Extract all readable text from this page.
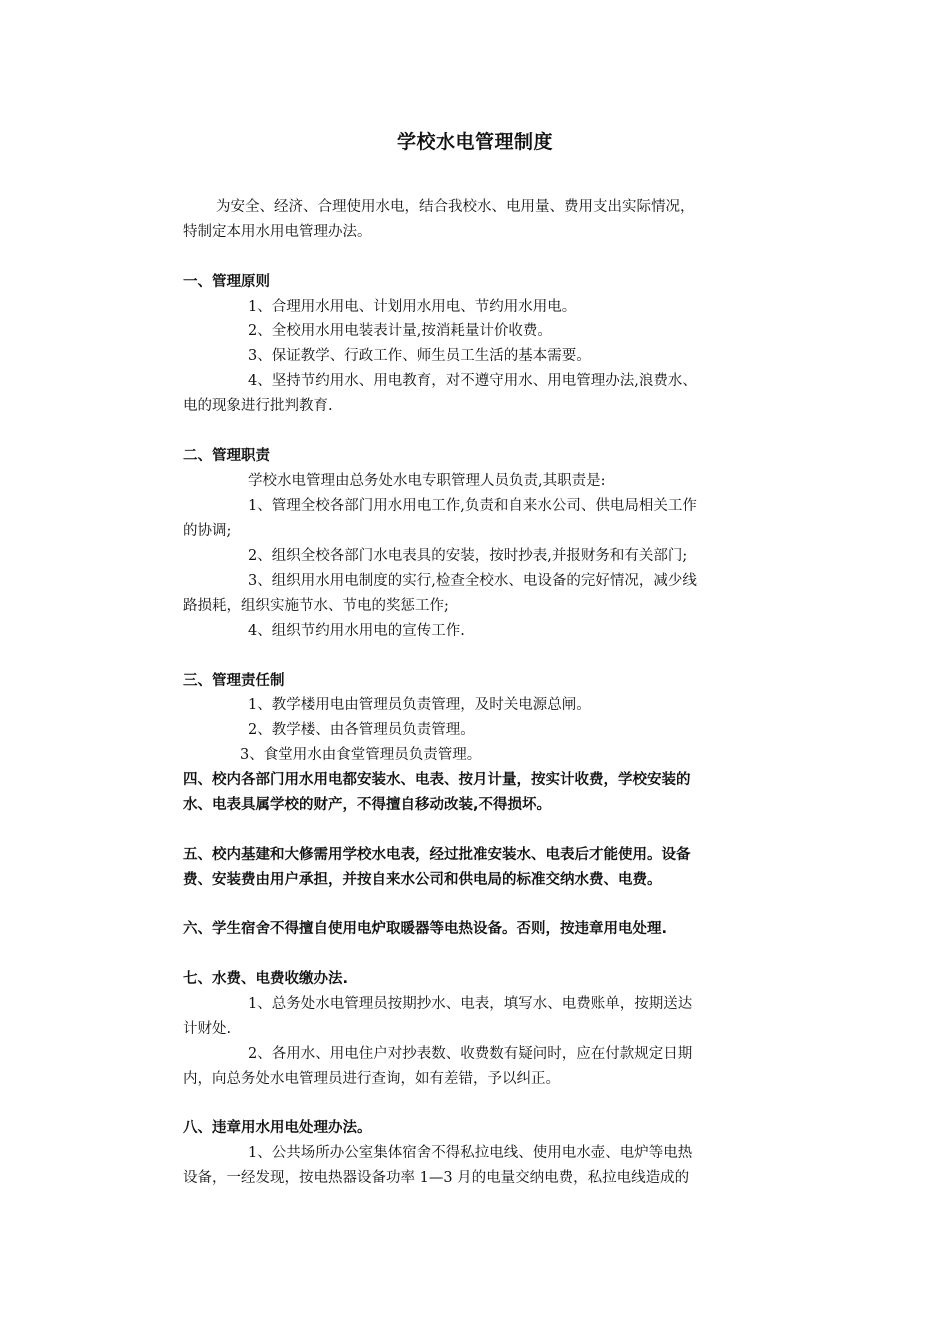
学校水电管理制度
为安全、经济、合理使用水电，结合我校水、电用量、费用支出实际情况，
特制定本用水用电管理办法。
一、管理原则
1、合理用水用电、计划用水用电、节约用水用电。
2、全校用水用电装表计量,按消耗量计价收费。
3、保证教学、行政工作、师生员工生活的基本需要。
4、坚持节约用水、用电教育，对不遵守用水、用电管理办法,浪费水、
电的现象进行批判教育.
二、管理职责
学校水电管理由总务处水电专职管理人员负责,其职责是:
1、管理全校各部门用水用电工作,负责和自来水公司、供电局相关工作
的协调;
2、组织全校各部门水电表具的安装，按时抄表,并报财务和有关部门;
3、组织用水用电制度的实行,检查全校水、电设备的完好情况，减少线
路损耗，组织实施节水、节电的奖惩工作;
4、组织节约用水用电的宣传工作.
三、管理责任制
1、教学楼用电由管理员负责管理，及时关电源总闸。
2、教学楼、由各管理员负责管理。
3、食堂用水由食堂管理员负责管理。
四、校内各部门用水用电都安装水、电表、按月计量，按实计收费，学校安装的
水、电表具属学校的财产，不得擅自移动改装,不得损坏。
五、校内基建和大修需用学校水电表，经过批准安装水、电表后才能使用。设备
费、安装费由用户承担，并按自来水公司和供电局的标准交纳水费、电费。
六、学生宿舍不得擅自使用电炉取暖器等电热设备。否则，按违章用电处理.
七、水费、电费收缴办法.
1、总务处水电管理员按期抄水、电表，填写水、电费账单，按期送达
计财处.
2、各用水、用电住户对抄表数、收费数有疑问时，应在付款规定日期
内，向总务处水电管理员进行查询，如有差错，予以纠正。
八、违章用水用电处理办法。
1、公共场所办公室集体宿舍不得私拉电线、使用电水壶、电炉等电热
设备，一经发现，按电热器设备功率 1—3 月的电量交纳电费，私拉电线造成的
